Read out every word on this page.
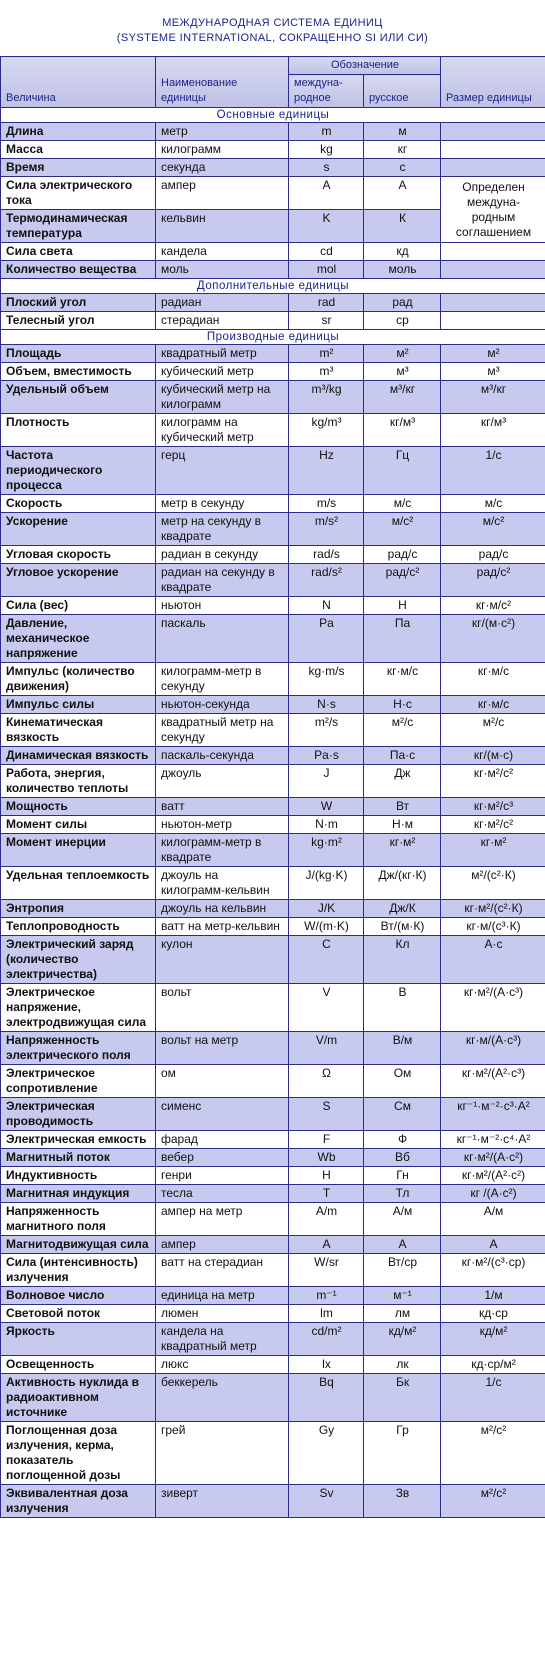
МЕЖДУНАРОДНАЯ СИСТЕМА ЕДИНИЦ
(SYSTEME INTERNATIONAL, СОКРАЩЕННО SI ИЛИ СИ)
Величина	Наименование единицы	Обозначение		Размер единицы
		междуна-родное	русское	
Основные единицы				
Длина	метр	m	м	
Масса	килограмм	kg	кг	
Время	секунда	s	с	
Сила электрического тока	ампер	A	А	Определен междуна-родным соглашением
Термодинамическая температура	кельвин	K	К	
Сила света	кандела	cd	кд	
Количество вещества	моль	mol	моль	
Дополнительные единицы				
Плоский угол	радиан	rad	рад	
Телесный угол	стерадиан	sr	ср	
Производные единицы				
Площадь	квадратный метр	m²	м²	м²
Объем, вместимость	кубический метр	m³	м³	м³
Удельный объем	кубический метр на килограмм	m³/kg	м³/кг	м³/кг
Плотность	килограмм на кубический метр	kg/m³	кг/м³	кг/м³
Частота периодического процесса	герц	Hz	Гц	1/с
Скорость	метр в секунду	m/s	м/с	м/с
Ускорение	метр на секунду в квадрате	m/s²	м/с²	м/с²
Угловая скорость	радиан в секунду	rad/s	рад/с	рад/с
Угловое ускорение	радиан на секунду в квадрате	rad/s²	рад/с²	рад/с²
Сила (вес)	ньютон	N	Н	кг·м/с²
Давление, механическое напряжение	паскаль	Pa	Па	кг/(м·с²)
Импульс (количество движения)	килограмм-метр в секунду	kg·m/s	кг·м/с	кг·м/с
Импульс силы	ньютон-секунда	N·s	Н·с	кг·м/с
Кинематическая вязкость	квадратный метр на секунду	m²/s	м²/с	м²/с
Динамическая вязкость	паскаль-секунда	Pa·s	Па·с	кг/(м·с)
Работа, энергия, количество теплоты	джоуль	J	Дж	кг·м²/с²
Мощность	ватт	W	Вт	кг·м²/с³
Момент силы	ньютон-метр	N·m	Н·м	кг·м²/с²
Момент инерции	килограмм-метр в квадрате	kg·m²	кг·м²	кг·м²
Удельная теплоемкость	джоуль на килограмм-кельвин	J/(kg·K)	Дж/(кг·К)	м²/(с²·К)
Энтропия	джоуль на кельвин	J/K	Дж/К	кг·м²/(с²·К)
Теплопроводность	ватт на метр-кельвин	W/(m·K)	Вт/(м·К)	кг·м/(с³·К)
Электрический заряд (количество электричества)	кулон	C	Кл	А·с
Электрическое напряжение, электродвижущая сила	вольт	V	В	кг·м²/(А·с³)
Напряженность электрического поля	вольт на метр	V/m	В/м	кг·м/(А·с³)
Электрическое сопротивление	ом	Ω	Ом	кг·м²/(А²·с³)
Электрическая проводимость	сименс	S	См	кг⁻¹·м⁻²·с³·А²
Электрическая емкость	фарад	F	Ф	кг⁻¹·м⁻²·с⁴·А²
Магнитный поток	вебер	Wb	Вб	кг·м²/(А·с²)
Индуктивность	генри	H	Гн	кг·м²/(А²·с²)
Магнитная индукция	тесла	T	Тл	кг /(А·с²)
Напряженность магнитного поля	ампер на метр	A/m	А/м	А/м
Магнитодвижущая сила	ампер	A	А	А
Сила (интенсивность) излучения	ватт на стерадиан	W/sr	Вт/ср	кг·м²/(с³·ср)
Волновое число	единица на метр	m⁻¹	м⁻¹	1/м
Световой поток	люмен	lm	лм	кд·ср
Яркость	кандела на квадратный метр	cd/m²	кд/м²	кд/м²
Освещенность	люкс	lx	лк	кд·ср/м²
Активность нуклида в радиоактивном источнике	беккерель	Bq	Бк	1/с
Поглощенная доза излучения, керма, показатель поглощенной дозы	грей	Gy	Гр	м²/с²
Эквивалентная доза излучения	зиверт	Sv	Зв	м²/с²
